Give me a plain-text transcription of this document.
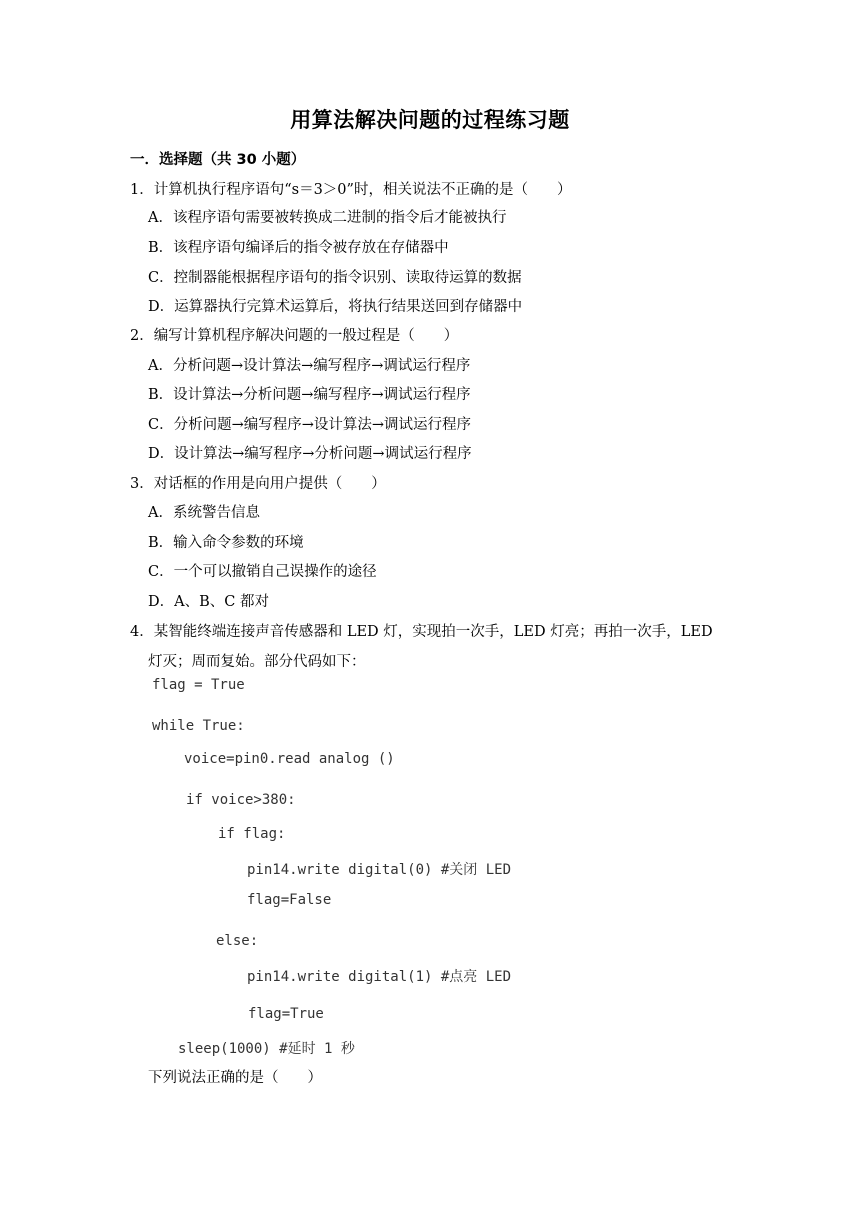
用算法解决问题的过程练习题
一．选择题（共 30 小题）
1．计算机执行程序语句“s＝3＞0”时，相关说法不正确的是（　　）
A．该程序语句需要被转换成二进制的指令后才能被执行
B．该程序语句编译后的指令被存放在存储器中
C．控制器能根据程序语句的指令识别、读取待运算的数据
D．运算器执行完算术运算后，将执行结果送回到存储器中
2．编写计算机程序解决问题的一般过程是（　　）
A．分析问题→设计算法→编写程序→调试运行程序
B．设计算法→分析问题→编写程序→调试运行程序
C．分析问题→编写程序→设计算法→调试运行程序
D．设计算法→编写程序→分析问题→调试运行程序
3．对话框的作用是向用户提供（　　）
A．系统警告信息
B．输入命令参数的环境
C．一个可以撤销自己误操作的途径
D．A、B、C 都对
4．某智能终端连接声音传感器和 LED 灯，实现拍一次手，LED 灯亮；再拍一次手，LED
灯灭；周而复始。部分代码如下：
flag = True
while True:
voice=pin0.read analog ()
if voice>380:
if flag:
pin14.write digital(0) #关闭 LED
flag=False
else:
pin14.write digital(1) #点亮 LED
flag=True
sleep(1000) #延时 1 秒
下列说法正确的是（　　）
